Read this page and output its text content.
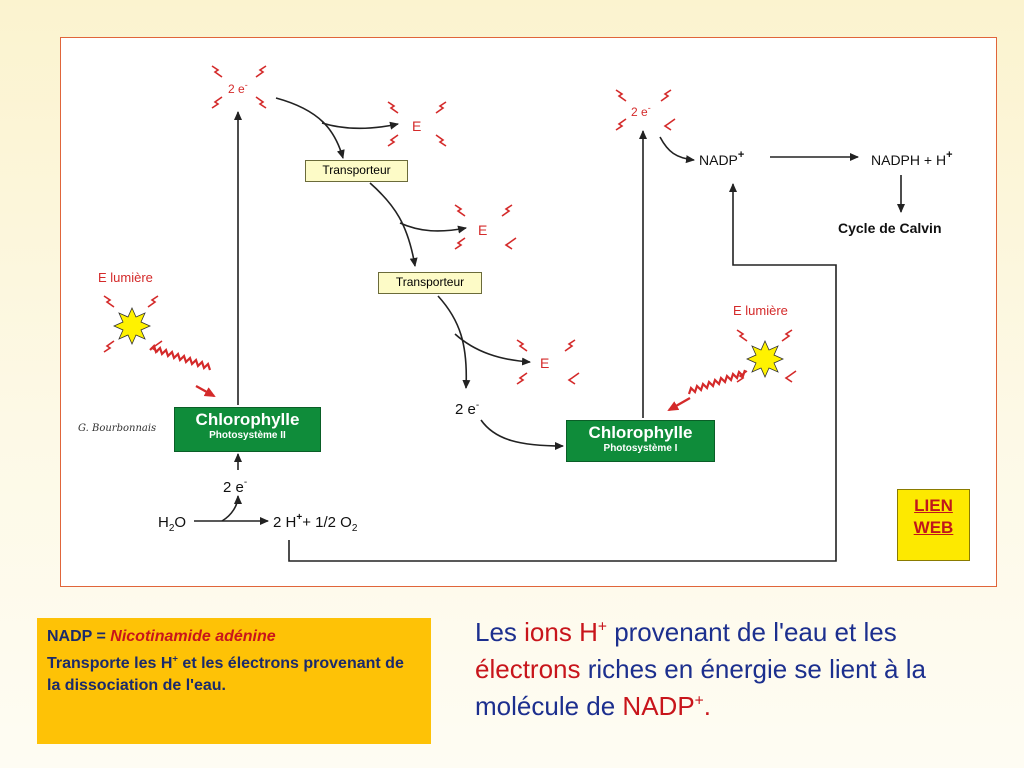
2 e-
E
E
E
2 e-
2 e-
NADP+	NADPH + H+
Cycle de Calvin
$H_2O$
2 e-
2 H++ 1/2 $O_2$
E lumière
E lumière
Transporteur
Transporteur
Chlorophylle
Photosystème II	Chlorophylle
Photosystème I
G. Bourbonnais
LIEN
WEB
NADP = Nicotinamide adénine
Transporte les H+ et les électrons provenant de la dissociation de l'eau.
Les ions H+ provenant de l'eau et les électrons riches en énergie se lient à la molécule de NADP+.
